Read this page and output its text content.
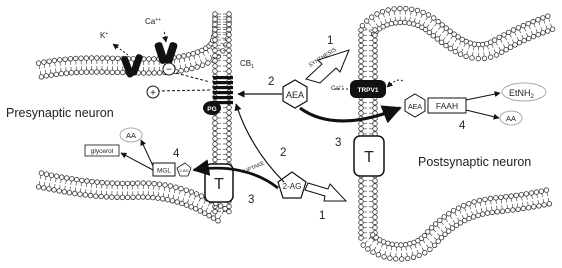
PG
−
+
K+
Ca++
$CB_1$
Presynaptic neuron
Postsynaptic neuron
T
T
TRPV1
AEA
AEA
2-AG
FAAH
EtNH$_2$
AA
AA
glycerol
MGL 2-AG
SYNTHESIS
UPTAKE
Ca++
1
1
2
2
3
3
4
4
